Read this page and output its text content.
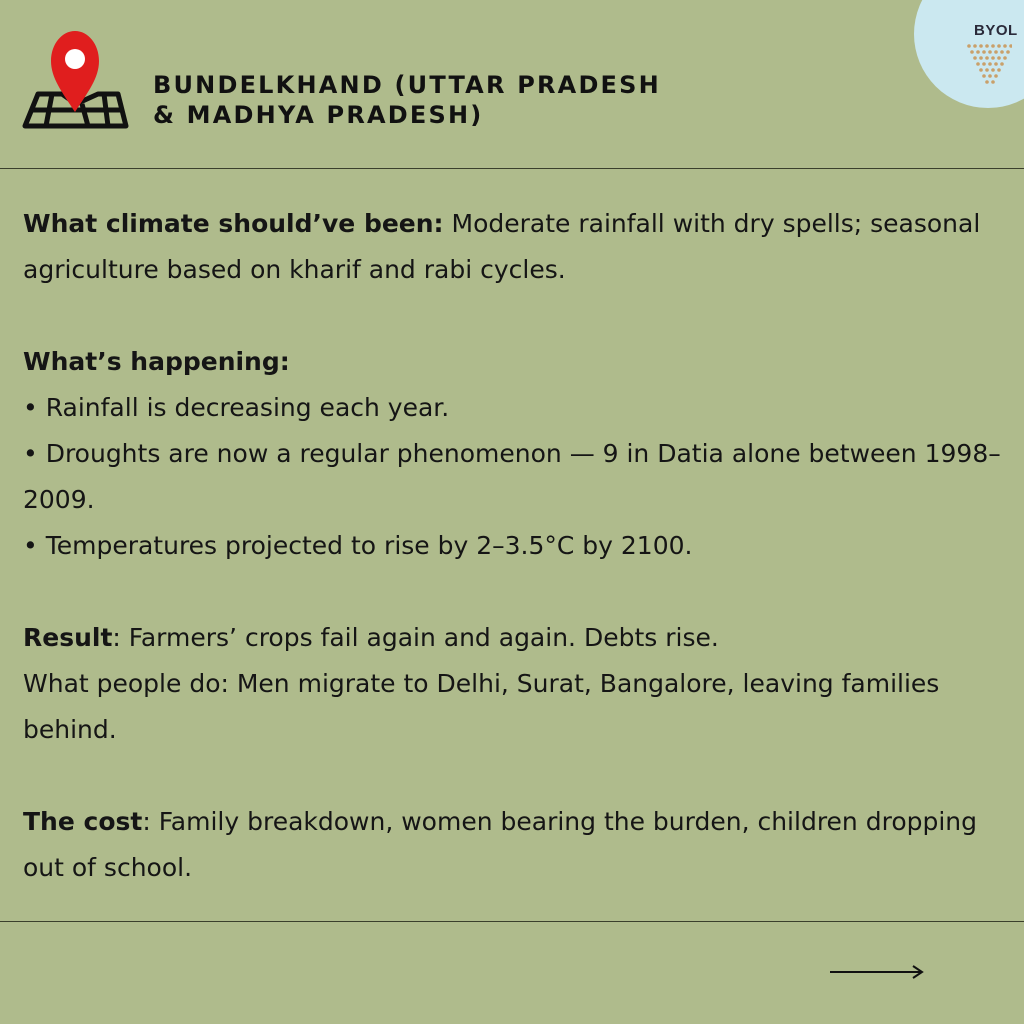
BUNDELKHAND (UTTAR PRADESH
& MADHYA PRADESH)
BYOL

What climate should’ve been: Moderate rainfall with dry spells; seasonal agriculture based on kharif and rabi cycles.

What’s happening:

• Rainfall is decreasing each year.

• Droughts are now a regular phenomenon — 9 in Datia alone between 1998–2009.

• Temperatures projected to rise by 2–3.5°C by 2100.

Result: Farmers’ crops fail again and again. Debts rise.

What people do: Men migrate to Delhi, Surat, Bangalore, leaving families behind.

The cost: Family breakdown, women bearing the burden, children dropping out of school.
